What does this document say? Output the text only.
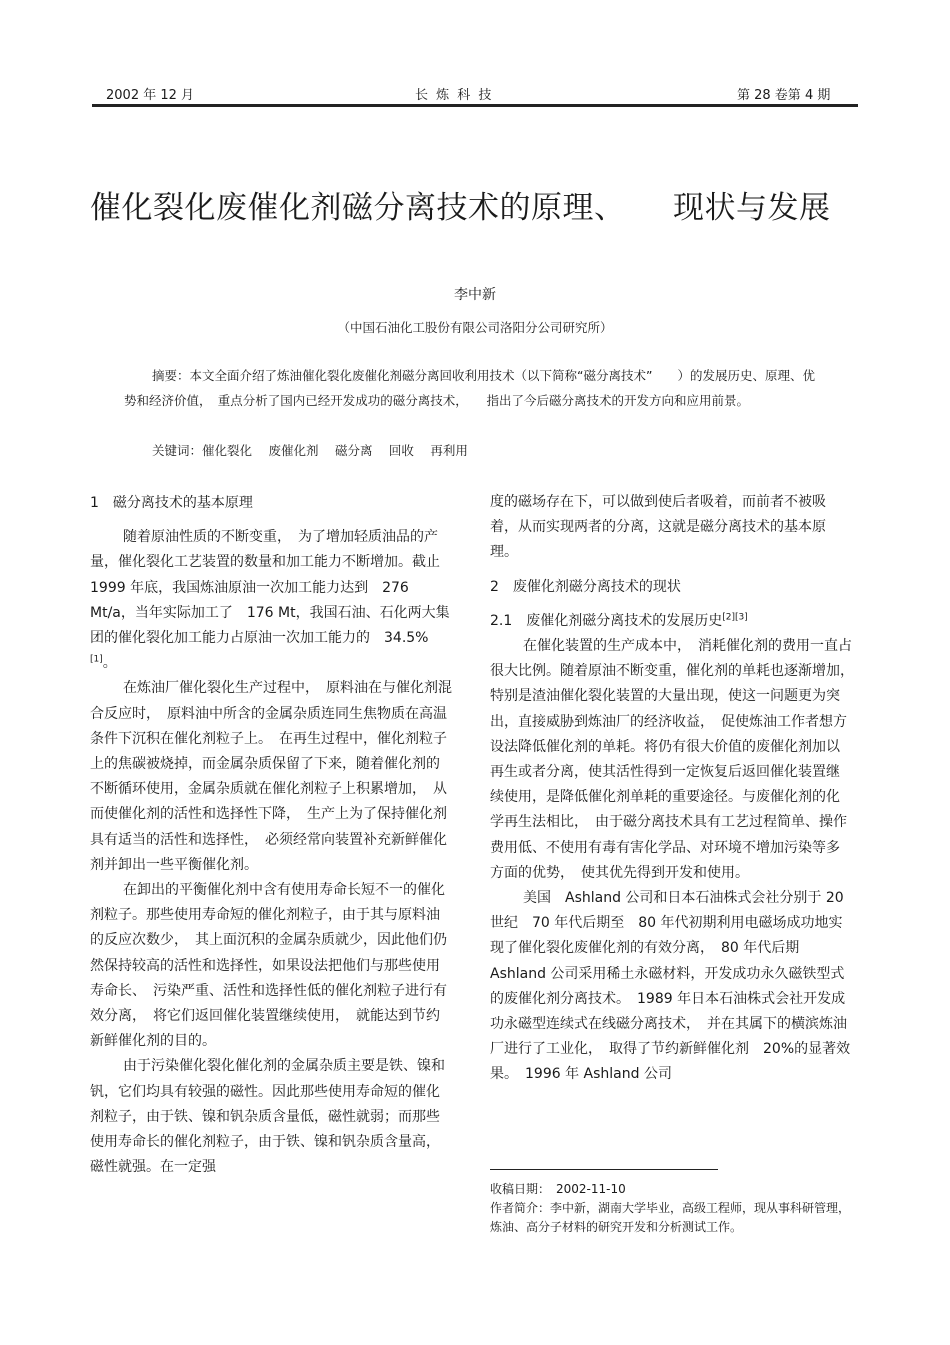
2002 年 12 月	长 炼 科 技	第 28 卷第 4 期
催化裂化废催化剂磁分离技术的原理、　　现状与发展
李中新
（中国石油化工股份有限公司洛阳分公司研究所）
摘要：本文全面介绍了炼油催化裂化废催化剂磁分离回收利用技术（以下简称“磁分离技术”　　）的发展历史、原理、优势和经济价值，　重点分析了国内已经开发成功的磁分离技术，　　指出了今后磁分离技术的开发方向和应用前景。
关键词：催化裂化　 废催化剂　 磁分离　 回收　 再利用

1　磁分离技术的基本原理

随着原油性质的不断变重，　为了增加轻质油品的产量，催化裂化工艺装置的数量和加工能力不断增加。截止　1999 年底，我国炼油原油一次加工能力达到　276 Mt/a，当年实际加工了　176 Mt，我国石油、石化两大集团的催化裂化加工能力占原油一次加工能力的　34.5%[1]。

在炼油厂催化裂化生产过程中，　原料油在与催化剂混合反应时，　原料油中所含的金属杂质连同生焦物质在高温条件下沉积在催化剂粒子上。　在再生过程中，催化剂粒子上的焦碳被烧掉，而金属杂质保留了下来，随着催化剂的不断循环使用，金属杂质就在催化剂粒子上积累增加，　从而使催化剂的活性和选择性下降，　生产上为了保持催化剂具有适当的活性和选择性，　必须经常向装置补充新鲜催化剂并卸出一些平衡催化剂。

在卸出的平衡催化剂中含有使用寿命长短不一的催化剂粒子。那些使用寿命短的催化剂粒子，由于其与原料油的反应次数少，　其上面沉积的金属杂质就少，因此他们仍然保持较高的活性和选择性，如果设法把他们与那些使用寿命长、　污染严重、活性和选择性低的催化剂粒子进行有效分离，　将它们返回催化装置继续使用，　就能达到节约新鲜催化剂的目的。

由于污染催化裂化催化剂的金属杂质主要是铁、镍和钒，它们均具有较强的磁性。因此那些使用寿命短的催化剂粒子，由于铁、镍和钒杂质含量低，磁性就弱；而那些使用寿命长的催化剂粒子，由于铁、镍和钒杂质含量高，磁性就强。在一定强

度的磁场存在下，可以做到使后者吸着，而前者不被吸着，从而实现两者的分离，这就是磁分离技术的基本原理。

2　废催化剂磁分离技术的现状

2.1　废催化剂磁分离技术的发展历史[2][3]

在催化装置的生产成本中，　消耗催化剂的费用一直占很大比例。随着原油不断变重，催化剂的单耗也逐渐增加，　特别是渣油催化裂化装置的大量出现，使这一问题更为突出，直接威胁到炼油厂的经济收益，　促使炼油工作者想方设法降低催化剂的单耗。将仍有很大价值的废催化剂加以再生或者分离，使其活性得到一定恢复后返回催化装置继续使用，是降低催化剂单耗的重要途径。与废催化剂的化学再生法相比，　由于磁分离技术具有工艺过程简单、操作费用低、不使用有毒有害化学品、对环境不增加污染等多方面的优势，　使其优先得到开发和使用。

美国　Ashland 公司和日本石油株式会社分别于 20 世纪　70 年代后期至　80 年代初期利用电磁场成功地实现了催化裂化废催化剂的有效分离，　80 年代后期 Ashland 公司采用稀土永磁材料，开发成功永久磁铁型式的废催化剂分离技术。　1989 年日本石油株式会社开发成功永磁型连续式在线磁分离技术，　并在其属下的横滨炼油厂进行了工业化，　取得了节约新鲜催化剂　20%的显著效果。　1996 年 Ashland 公司

收稿日期：　2002-11-10
作者简介：李中新，湖南大学毕业，高级工程师，现从事科研管理，炼油、高分子材料的研究开发和分析测试工作。
